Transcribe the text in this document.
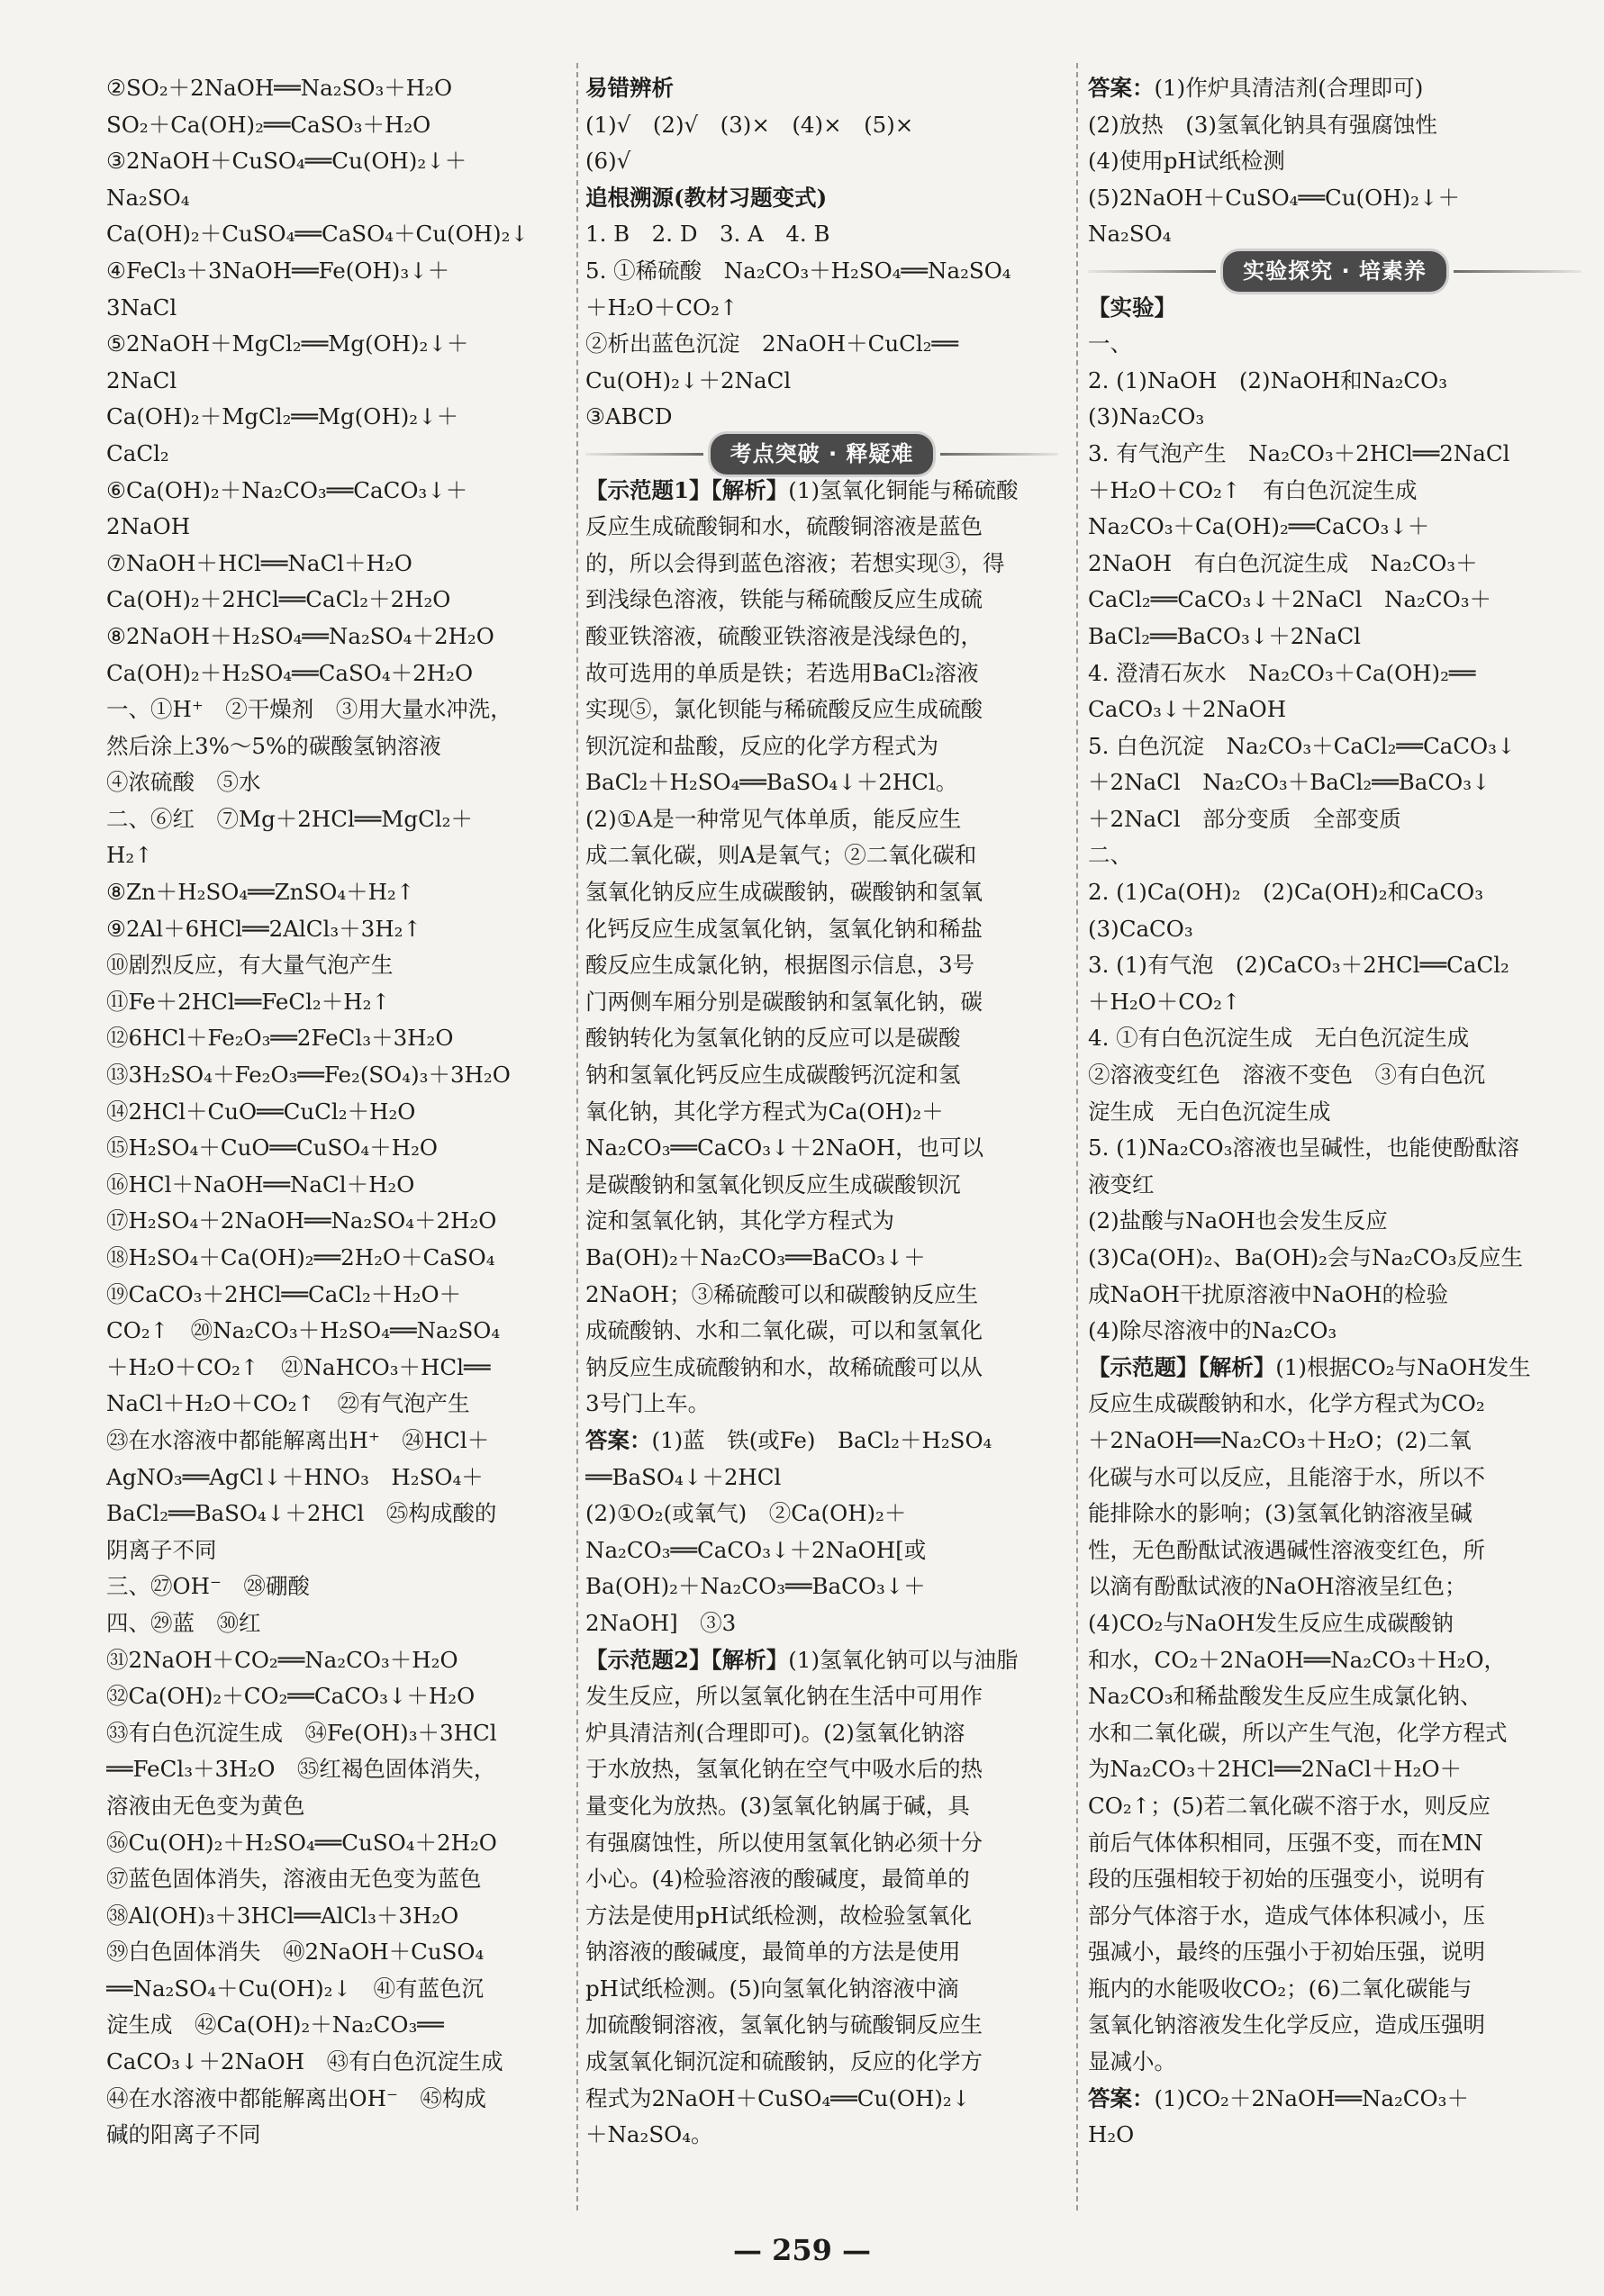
②SO₂＋2NaOH══Na₂SO₃＋H₂O

SO₂＋Ca(OH)₂══CaSO₃＋H₂O

③2NaOH＋CuSO₄══Cu(OH)₂↓＋

Na₂SO₄

Ca(OH)₂＋CuSO₄══CaSO₄＋Cu(OH)₂↓

④FeCl₃＋3NaOH══Fe(OH)₃↓＋

3NaCl

⑤2NaOH＋MgCl₂══Mg(OH)₂↓＋

2NaCl

Ca(OH)₂＋MgCl₂══Mg(OH)₂↓＋

CaCl₂

⑥Ca(OH)₂＋Na₂CO₃══CaCO₃↓＋

2NaOH

⑦NaOH＋HCl══NaCl＋H₂O

Ca(OH)₂＋2HCl══CaCl₂＋2H₂O

⑧2NaOH＋H₂SO₄══Na₂SO₄＋2H₂O

Ca(OH)₂＋H₂SO₄══CaSO₄＋2H₂O

一、①H⁺　②干燥剂　③用大量水冲洗，

然后涂上3%～5%的碳酸氢钠溶液

④浓硫酸　⑤水

二、⑥红　⑦Mg＋2HCl══MgCl₂＋

H₂↑

⑧Zn＋H₂SO₄══ZnSO₄＋H₂↑

⑨2Al＋6HCl══2AlCl₃＋3H₂↑

⑩剧烈反应，有大量气泡产生

⑪Fe＋2HCl══FeCl₂＋H₂↑

⑫6HCl＋Fe₂O₃══2FeCl₃＋3H₂O

⑬3H₂SO₄＋Fe₂O₃══Fe₂(SO₄)₃＋3H₂O

⑭2HCl＋CuO══CuCl₂＋H₂O

⑮H₂SO₄＋CuO══CuSO₄＋H₂O

⑯HCl＋NaOH══NaCl＋H₂O

⑰H₂SO₄＋2NaOH══Na₂SO₄＋2H₂O

⑱H₂SO₄＋Ca(OH)₂══2H₂O＋CaSO₄

⑲CaCO₃＋2HCl══CaCl₂＋H₂O＋

CO₂↑　⑳Na₂CO₃＋H₂SO₄══Na₂SO₄

＋H₂O＋CO₂↑　㉑NaHCO₃＋HCl══

NaCl＋H₂O＋CO₂↑　㉒有气泡产生

㉓在水溶液中都能解离出H⁺　㉔HCl＋

AgNO₃══AgCl↓＋HNO₃　H₂SO₄＋

BaCl₂══BaSO₄↓＋2HCl　㉕构成酸的

阴离子不同

三、㉗OH⁻　㉘硼酸

四、㉙蓝　㉚红

㉛2NaOH＋CO₂══Na₂CO₃＋H₂O

㉜Ca(OH)₂＋CO₂══CaCO₃↓＋H₂O

㉝有白色沉淀生成　㉞Fe(OH)₃＋3HCl

══FeCl₃＋3H₂O　㉟红褐色固体消失，

溶液由无色变为黄色

㊱Cu(OH)₂＋H₂SO₄══CuSO₄＋2H₂O

㊲蓝色固体消失，溶液由无色变为蓝色

㊳Al(OH)₃＋3HCl══AlCl₃＋3H₂O

㊴白色固体消失　㊵2NaOH＋CuSO₄

══Na₂SO₄＋Cu(OH)₂↓　㊶有蓝色沉

淀生成　㊷Ca(OH)₂＋Na₂CO₃══

CaCO₃↓＋2NaOH　㊸有白色沉淀生成

㊹在水溶液中都能解离出OH⁻　㊺构成

碱的阳离子不同

易错辨析

(1)√　(2)√　(3)×　(4)×　(5)×

(6)√

追根溯源(教材习题变式)

1. B　2. D　3. A　4. B

5. ①稀硫酸　Na₂CO₃＋H₂SO₄══Na₂SO₄

＋H₂O＋CO₂↑

②析出蓝色沉淀　2NaOH＋CuCl₂══

Cu(OH)₂↓＋2NaCl

③ABCD

考点突破 · 释疑难

【示范题1】【解析】(1)氢氧化铜能与稀硫酸

反应生成硫酸铜和水，硫酸铜溶液是蓝色

的，所以会得到蓝色溶液；若想实现③，得

到浅绿色溶液，铁能与稀硫酸反应生成硫

酸亚铁溶液，硫酸亚铁溶液是浅绿色的，

故可选用的单质是铁；若选用BaCl₂溶液

实现⑤，氯化钡能与稀硫酸反应生成硫酸

钡沉淀和盐酸，反应的化学方程式为

BaCl₂＋H₂SO₄══BaSO₄↓＋2HCl。

(2)①A是一种常见气体单质，能反应生

成二氧化碳，则A是氧气；②二氧化碳和

氢氧化钠反应生成碳酸钠，碳酸钠和氢氧

化钙反应生成氢氧化钠，氢氧化钠和稀盐

酸反应生成氯化钠，根据图示信息，3号

门两侧车厢分别是碳酸钠和氢氧化钠，碳

酸钠转化为氢氧化钠的反应可以是碳酸

钠和氢氧化钙反应生成碳酸钙沉淀和氢

氧化钠，其化学方程式为Ca(OH)₂＋

Na₂CO₃══CaCO₃↓＋2NaOH，也可以

是碳酸钠和氢氧化钡反应生成碳酸钡沉

淀和氢氧化钠，其化学方程式为

Ba(OH)₂＋Na₂CO₃══BaCO₃↓＋

2NaOH；③稀硫酸可以和碳酸钠反应生

成硫酸钠、水和二氧化碳，可以和氢氧化

钠反应生成硫酸钠和水，故稀硫酸可以从

3号门上车。

答案：(1)蓝　铁(或Fe)　BaCl₂＋H₂SO₄

══BaSO₄↓＋2HCl

(2)①O₂(或氧气)　②Ca(OH)₂＋

Na₂CO₃══CaCO₃↓＋2NaOH[或

Ba(OH)₂＋Na₂CO₃══BaCO₃↓＋

2NaOH]　③3

【示范题2】【解析】(1)氢氧化钠可以与油脂

发生反应，所以氢氧化钠在生活中可用作

炉具清洁剂(合理即可)。(2)氢氧化钠溶

于水放热，氢氧化钠在空气中吸水后的热

量变化为放热。(3)氢氧化钠属于碱，具

有强腐蚀性，所以使用氢氧化钠必须十分

小心。(4)检验溶液的酸碱度，最简单的

方法是使用pH试纸检测，故检验氢氧化

钠溶液的酸碱度，最简单的方法是使用

pH试纸检测。(5)向氢氧化钠溶液中滴

加硫酸铜溶液，氢氧化钠与硫酸铜反应生

成氢氧化铜沉淀和硫酸钠，反应的化学方

程式为2NaOH＋CuSO₄══Cu(OH)₂↓

＋Na₂SO₄。

答案：(1)作炉具清洁剂(合理即可)

(2)放热　(3)氢氧化钠具有强腐蚀性

(4)使用pH试纸检测

(5)2NaOH＋CuSO₄══Cu(OH)₂↓＋

Na₂SO₄

实验探究 · 培素养

【实验】

一、

2. (1)NaOH　(2)NaOH和Na₂CO₃

(3)Na₂CO₃

3. 有气泡产生　Na₂CO₃＋2HCl══2NaCl

＋H₂O＋CO₂↑　有白色沉淀生成

Na₂CO₃＋Ca(OH)₂══CaCO₃↓＋

2NaOH　有白色沉淀生成　Na₂CO₃＋

CaCl₂══CaCO₃↓＋2NaCl　Na₂CO₃＋

BaCl₂══BaCO₃↓＋2NaCl

4. 澄清石灰水　Na₂CO₃＋Ca(OH)₂══

CaCO₃↓＋2NaOH

5. 白色沉淀　Na₂CO₃＋CaCl₂══CaCO₃↓

＋2NaCl　Na₂CO₃＋BaCl₂══BaCO₃↓

＋2NaCl　部分变质　全部变质

二、

2. (1)Ca(OH)₂　(2)Ca(OH)₂和CaCO₃

(3)CaCO₃

3. (1)有气泡　(2)CaCO₃＋2HCl══CaCl₂

＋H₂O＋CO₂↑

4. ①有白色沉淀生成　无白色沉淀生成

②溶液变红色　溶液不变色　③有白色沉

淀生成　无白色沉淀生成

5. (1)Na₂CO₃溶液也呈碱性，也能使酚酞溶

液变红

(2)盐酸与NaOH也会发生反应

(3)Ca(OH)₂、Ba(OH)₂会与Na₂CO₃反应生

成NaOH干扰原溶液中NaOH的检验

(4)除尽溶液中的Na₂CO₃

【示范题】【解析】(1)根据CO₂与NaOH发生

反应生成碳酸钠和水，化学方程式为CO₂

＋2NaOH══Na₂CO₃＋H₂O；(2)二氧

化碳与水可以反应，且能溶于水，所以不

能排除水的影响；(3)氢氧化钠溶液呈碱

性，无色酚酞试液遇碱性溶液变红色，所

以滴有酚酞试液的NaOH溶液呈红色；

(4)CO₂与NaOH发生反应生成碳酸钠

和水，CO₂＋2NaOH══Na₂CO₃＋H₂O，

Na₂CO₃和稀盐酸发生反应生成氯化钠、

水和二氧化碳，所以产生气泡，化学方程式

为Na₂CO₃＋2HCl══2NaCl＋H₂O＋

CO₂↑；(5)若二氧化碳不溶于水，则反应

前后气体体积相同，压强不变，而在MN

段的压强相较于初始的压强变小，说明有

部分气体溶于水，造成气体体积减小，压

强减小，最终的压强小于初始压强，说明

瓶内的水能吸收CO₂；(6)二氧化碳能与

氢氧化钠溶液发生化学反应，造成压强明

显减小。

答案：(1)CO₂＋2NaOH══Na₂CO₃＋

H₂O

— 259 —
